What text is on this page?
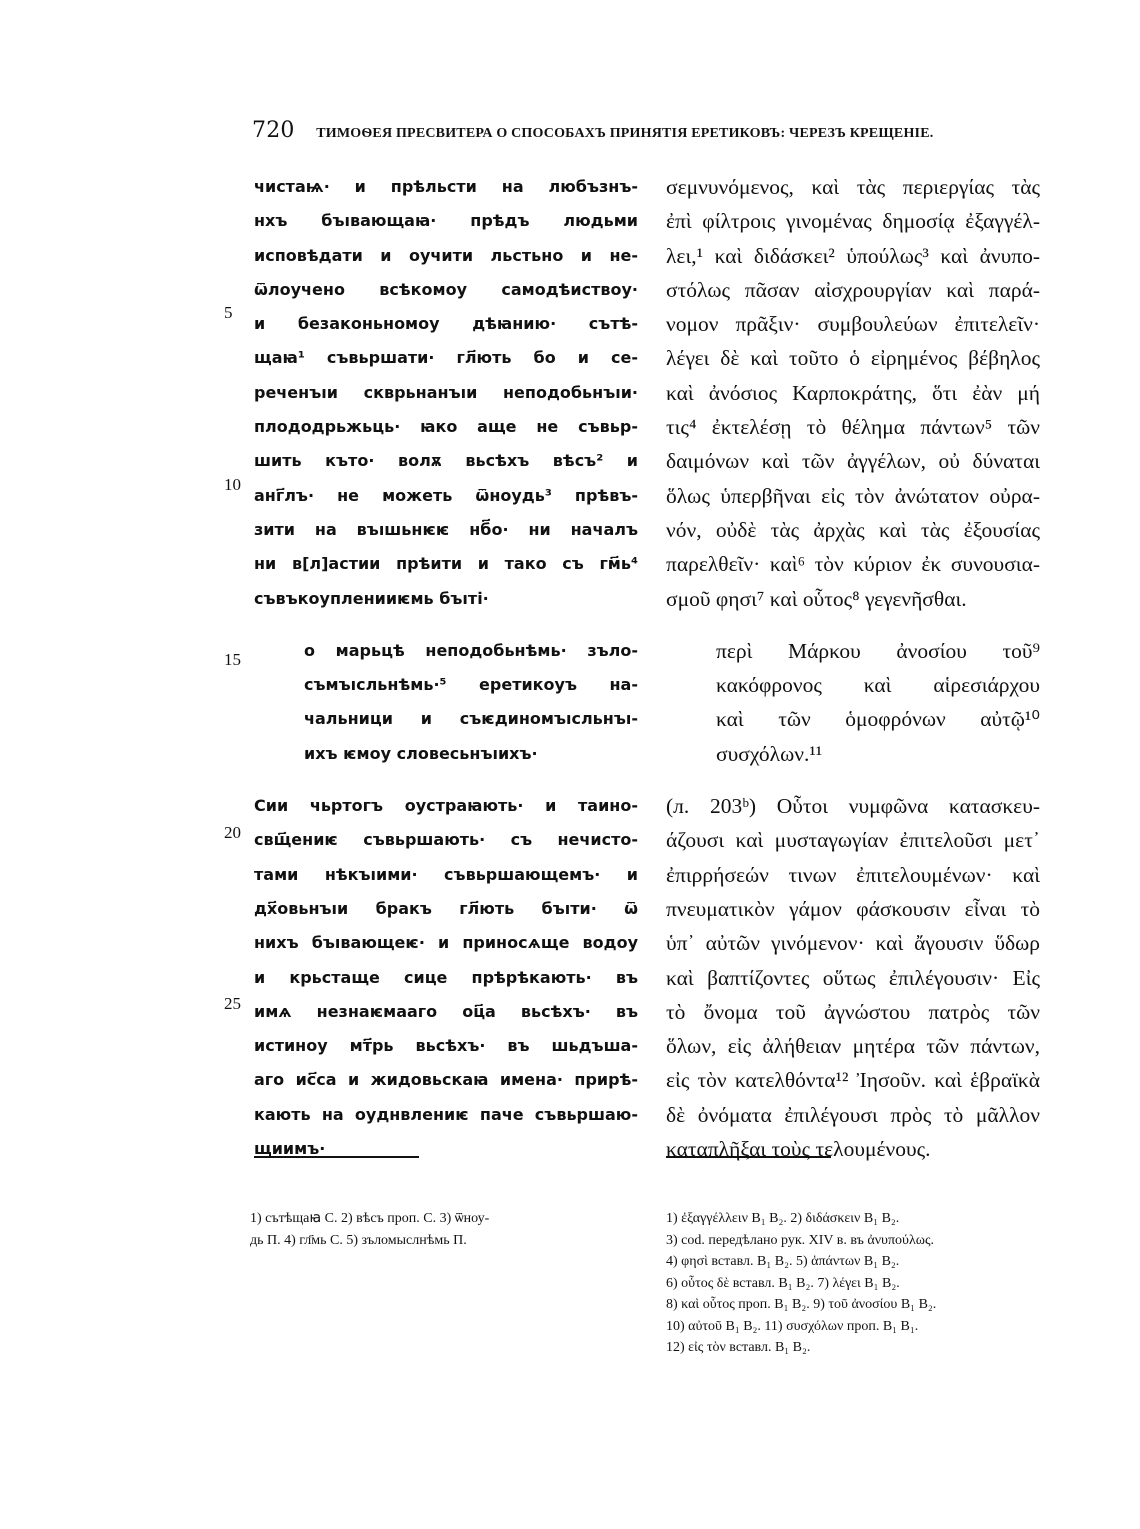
720 ТИМОѲЕЯ ПРЕСВИТЕРА О СПОСОБАХЪ ПРИНЯТІЯ ЕРЕТИКОВЪ: ЧЕРЕЗЪ КРЕЩЕНІЕ.
5
10
15
20
25
чистаѩ· и прѣльсти на любъзнъ-
нхъ бъıвающаꙗ· прѣдъ людьми
исповѣдати и оучити льстьно и не-
ѿлоучено всѣкомоу самодѣиствоу·
и безаконьномоу дѣꙗнию· сътѣ-
щаꙗ¹ съвьршати· гл҃ють бо и се-
реченъıи скврьнанъıи неподобьнъıи·
плододрьжьць· ꙗко аще не съвьр-
шить къто· волѫ вьсѣхъ вѣсъ² и
анг҃лъ· не можеть ѿноудь³ прѣвъ-
зити на въıшьнѥѥ нб҃о· ни началъ
ни в[л]астии прѣити и тако съ гм҃ь⁴
съвъкоупленииѥмь бъıті·
о марьцѣ неподобьнѣмь· зъло-
съмъıсльнѣмь·⁵ еретикоуъ на-
чальници и съѥдиномъıсльнъı-
ихъ ѥмоу словесьнъıихъ·
Сии чьртогъ оустраꙗють· и таино-
свщ҃ениѥ съвьршають· съ нечисто-
тами нѣкъıими· съвьршающемъ· и
дх҃овьнъıи бракъ гл҃ють бъıти· ѿ
нихъ бъıвающеѥ· и приносѧще водоу
и крьстаще сице прѣрѣкають· въ
имѧ незнаѥмааго оц҃а вьсѣхъ· въ
истиноу мт҃рь вьсѣхъ· въ шьдъша-
аго ис҃са и жидовьскаꙗ имена· прирѣ-
кають на оуднвлениѥ паче съвьршаю-
щиимъ·
σεμνυνόμενος, καὶ τὰς περιεργίας τὰς
ἐπὶ φίλτροις γινομένας δημοσίᾳ ἐξαγγέλ-
λει,¹ καὶ διδάσκει² ὑπούλως³ καὶ ἀνυπο-
στόλως πᾶσαν αἰσχρουργίαν καὶ παρά-
νομον πρᾶξιν· συμβουλεύων ἐπιτελεῖν·
λέγει δὲ καὶ τοῦτο ὁ εἰρημένος βέβηλος
καὶ ἀνόσιος Καρποκράτης, ὅτι ἐὰν μή
τις⁴ ἐκτελέσῃ τὸ θέλημα πάντων⁵ τῶν
δαιμόνων καὶ τῶν ἀγγέλων, οὐ δύναται
ὅλως ὑπερβῆναι εἰς τὸν ἀνώτατον οὐρα-
νόν, οὐδὲ τὰς ἀρχὰς καὶ τὰς ἐξουσίας
παρελθεῖν· καὶ⁶ τὸν κύριον ἐκ συνουσια-
σμοῦ φησι⁷ καὶ οὗτος⁸ γεγενῆσθαι.
περὶ Μάρκου ἀνοσίου τοῦ⁹
κακόφρονος καὶ αἱρεσιάρχου
καὶ τῶν ὁμοφρόνων αὐτῷ¹⁰
συσχόλων.¹¹
(л. 203ᵇ) Οὗτοι νυμφῶνα κατασκευ-
άζουσι καὶ μυσταγωγίαν ἐπιτελοῦσι μετ᾽
ἐπιρρήσεών τινων ἐπιτελουμένων· καὶ
πνευματικὸν γάμον φάσκουσιν εἶναι τὸ
ὑπ᾽ αὐτῶν γινόμενον· καὶ ἄγουσιν ὕδωρ
καὶ βαπτίζοντες οὕτως ἐπιλέγουσιν· Εἰς
τὸ ὄνομα τοῦ ἀγνώστου πατρὸς τῶν
ὅλων, εἰς ἀλήθειαν μητέρα τῶν πάντων,
εἰς τὸν κατελθόντα¹² Ἰησοῦν. καὶ ἑβραϊκὰ
δὲ ὀνόματα ἐπιλέγουσι πρὸς τὸ μᾶλλον
καταπλῆξαι τοὺς τελουμένους.
1) сътѣщаꙗ С. 2) вѣсъ проп. С. 3) ѿноу-
дь П. 4) гл҃мь С. 5) зъломыслнѣмь П.
1) ἐξαγγέλλειν B₁ B₂. 2) διδάσκειν B₁ B₂.
3) cod. передѣлано рук. XIV в. въ ἀνυπούλως.
4) φησὶ вставл. B₁ B₂. 5) ἁπάντων B₁ B₂.
6) οὗτος δὲ вставл. B₁ B₂. 7) λέγει B₁ B₂.
8) καὶ οὗτος проп. B₁ B₂. 9) τοῦ ἀνοσίου B₁ B₂.
10) αὐτοῦ B₁ B₂. 11) συσχόλων проп. B₁ B₁.
12) εἰς τὸν вставл. B₁ B₂.
